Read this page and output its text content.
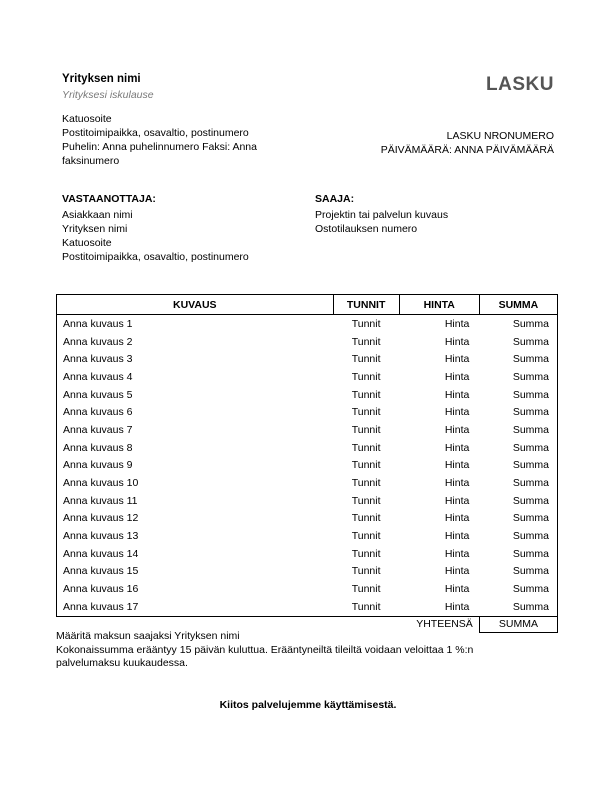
Yrityksen nimi
Yrityksesi iskulause	LASKU
Katuosoite
Postitoimipaikka, osavaltio, postinumero
Puhelin: Anna puhelinnumero Faksi: Anna
faksinumero
LASKU NRONUMERO
PÄIVÄMÄÄRÄ: ANNA PÄIVÄMÄÄRÄ
VASTAANOTTAJA:
Asiakkaan nimi
Yrityksen nimi
Katuosoite
Postitoimipaikka, osavaltio, postinumero
SAAJA:
Projektin tai palvelun kuvaus
Ostotilauksen numero
KUVAUS	TUNNIT	HINTA	SUMMA
Anna kuvaus 1	Tunnit	Hinta	Summa
Anna kuvaus 2	Tunnit	Hinta	Summa
Anna kuvaus 3	Tunnit	Hinta	Summa
Anna kuvaus 4	Tunnit	Hinta	Summa
Anna kuvaus 5	Tunnit	Hinta	Summa
Anna kuvaus 6	Tunnit	Hinta	Summa
Anna kuvaus 7	Tunnit	Hinta	Summa
Anna kuvaus 8	Tunnit	Hinta	Summa
Anna kuvaus 9	Tunnit	Hinta	Summa
Anna kuvaus 10	Tunnit	Hinta	Summa
Anna kuvaus 11	Tunnit	Hinta	Summa
Anna kuvaus 12	Tunnit	Hinta	Summa
Anna kuvaus 13	Tunnit	Hinta	Summa
Anna kuvaus 14	Tunnit	Hinta	Summa
Anna kuvaus 15	Tunnit	Hinta	Summa
Anna kuvaus 16	Tunnit	Hinta	Summa
Anna kuvaus 17	Tunnit	Hinta	Summa
		YHTEENSÄ	SUMMA
Määritä maksun saajaksi Yrityksen nimi
Kokonaissumma erääntyy 15 päivän kuluttua. Erääntyneiltä tileiltä voidaan veloittaa 1 %:n
palvelumaksu kuukaudessa.
Kiitos palvelujemme käyttämisestä.
